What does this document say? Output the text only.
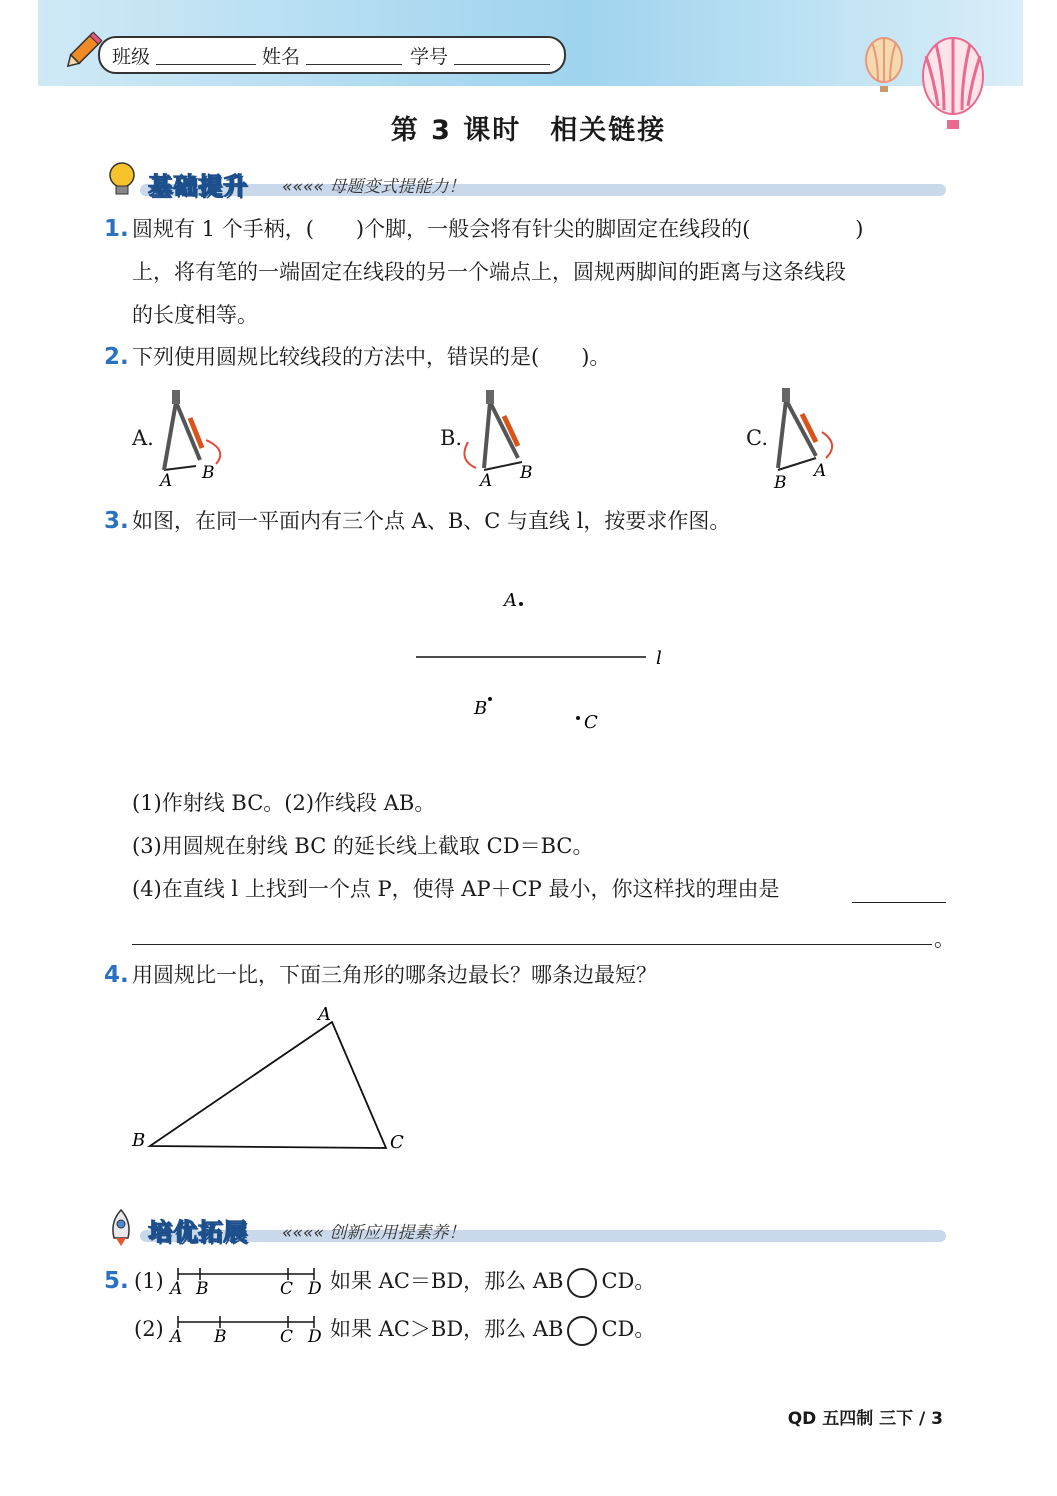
班级	姓名	学号
第 3 课时　相关链接
基础提升 «««« 母题变式提能力！
1. 圆规有 1 个手柄，(　　)个脚，一般会将有针尖的脚固定在线段的(　　　　　)
上，将有笔的一端固定在线段的另一个端点上，圆规两脚间的距离与这条线段
的长度相等。
2. 下列使用圆规比较线段的方法中，错误的是(　　)。
A.
A B
B.
A B
C.
B
A
3. 如图，在同一平面内有三个点 A、B、C 与直线 l，按要求作图。
A
l
B
C
(1)作射线 BC。(2)作线段 AB。
(3)用圆规在射线 BC 的延长线上截取 CD＝BC。
(4)在直线 l 上找到一个点 P，使得 AP＋CP 最小，你这样找的理由是
。
4. 用圆规比一比，下面三角形的哪条边最长？哪条边最短？
A
B	C
培优拓展 «««« 创新应用提素养！
5. (1) A B	C D 如果 AC＝BD，那么 AB CD。
(2) A B	C D 如果 AC＞BD，那么 AB CD。
QD 五四制 三下 / 3
